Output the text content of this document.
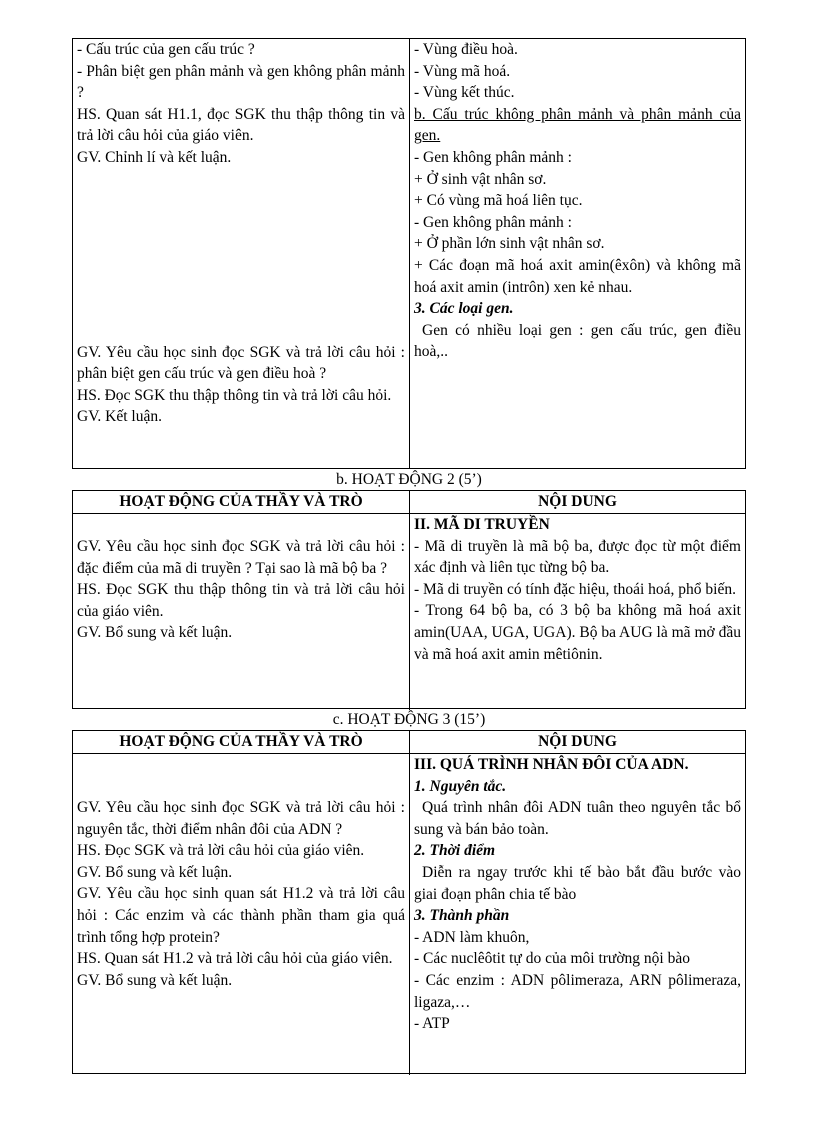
- Cấu trúc của gen cấu trúc ?

- Phân biệt gen phân mảnh và gen không phân mảnh ?

HS. Quan sát H1.1, đọc SGK thu thập thông tin và trả lời câu hỏi của giáo viên.

GV. Chỉnh lí và kết luận.

GV. Yêu cầu học sinh đọc SGK và trả lời câu hỏi : phân biệt gen cấu trúc và gen điều hoà ?

HS. Đọc SGK thu thập thông tin và trả lời câu hỏi.

GV. Kết luận.

- Vùng điều hoà.

- Vùng mã hoá.

- Vùng kết thúc.

b. Cấu trúc không phân mảnh và phân mảnh của gen.

- Gen không phân mảnh :

+ Ở sinh vật nhân sơ.

+ Có vùng mã hoá liên tục.

- Gen không phân mảnh :

+ Ở phần lớn sinh vật nhân sơ.

+ Các đoạn mã hoá axit amin(êxôn) và không mã hoá axit amin (intrôn) xen kẻ nhau.

3. Các loại gen.

Gen có nhiều loại gen : gen cấu trúc, gen điều hoà,..

b. HOẠT ĐỘNG 2 (5’)
HOẠT ĐỘNG CỦA THẦY VÀ TRÒ	NỘI DUNG

GV. Yêu cầu học sinh đọc SGK và trả lời câu hỏi : đặc điểm của mã di truyền ? Tại sao là mã bộ ba ?

HS. Đọc SGK thu thập thông tin và trả lời câu hỏi của giáo viên.

GV. Bổ sung và kết luận.

II. MÃ DI TRUYỀN

- Mã di truyền là mã bộ ba, được đọc từ một điểm xác định và liên tục từng bộ ba.

- Mã di truyền có tính đặc hiệu, thoái hoá, phổ biến.

- Trong 64 bộ ba, có 3 bộ ba không mã hoá axit amin(UAA, UGA, UGA). Bộ ba AUG là mã mở đầu và mã hoá axit amin mêtiônin.

c. HOẠT ĐỘNG 3 (15’)
HOẠT ĐỘNG CỦA THẦY VÀ TRÒ	NỘI DUNG

GV. Yêu cầu học sinh đọc SGK và trả lời câu hỏi : nguyên tắc, thời điểm nhân đôi của ADN ?

HS. Đọc SGK và trả lời câu hỏi của giáo viên.

GV. Bổ sung và kết luận.

GV. Yêu cầu học sinh quan sát H1.2 và trả lời câu hỏi : Các enzim và các thành phần tham gia quá trình tổng hợp protein?

HS. Quan sát H1.2 và trả lời câu hỏi của giáo viên.

GV. Bổ sung và kết luận.

III. QUÁ TRÌNH NHÂN ĐÔI CỦA ADN.

1. Nguyên tắc.

Quá trình nhân đôi ADN tuân theo nguyên tắc bổ sung và bán bảo toàn.

2. Thời điểm

Diễn ra ngay trước khi tế bào bắt đầu bước vào giai đoạn phân chia tế bào

3. Thành phần

- ADN làm khuôn,

- Các nuclêôtit tự do của môi trường nội bào

- Các enzim : ADN pôlimeraza, ARN pôlimeraza, ligaza,…

- ATP
